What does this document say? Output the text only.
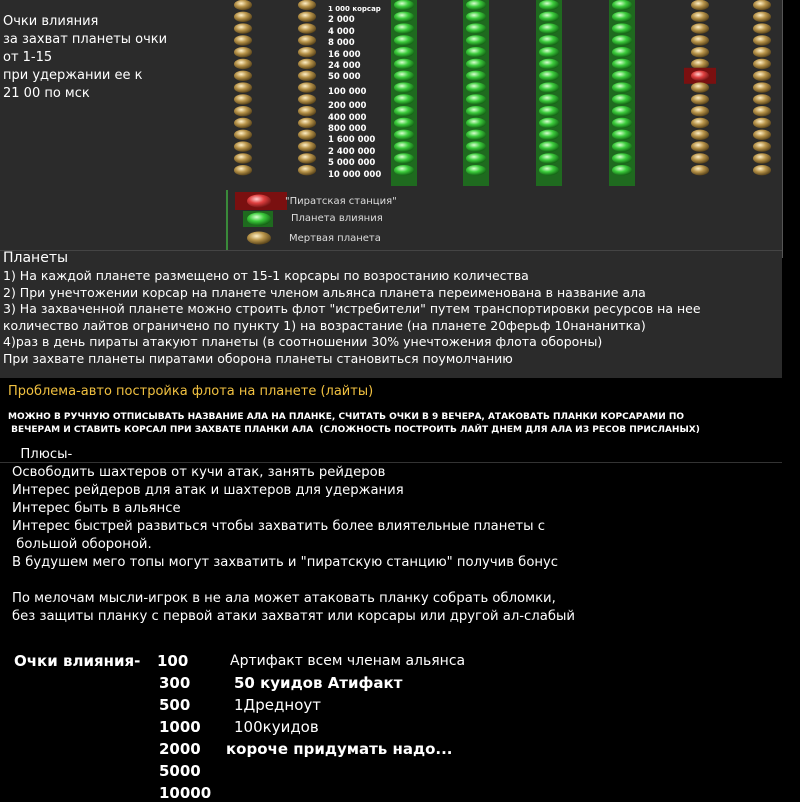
Очки влияния
за захват планеты очки
от 1-15
при удержании ее к
21 00 по мск
1 000 корсар
2 000
4 000
8 000
16 000
24 000
50 000
100 000
200 000
400 000
800 000
1 600 000
2 400 000
5 000 000
10 000 000
"Пиратская станция"
Планета влияния
Мертвая планета
Планеты
1) На каждой планете размещено от 15-1 корсары по возростанию количества
2) При унечтожении корсар на планете членом альянса планета переименована в название ала
3) На захваченной планете можно строить флот "истребители" путем транспортировки ресурсов на нее
количество лайтов ограничено по пункту 1) на возрастание (на планете 20ферьф 10нананитка)
4)раз в день пираты атакуют планеты (в соотношении 30% унечтожения флота обороны)
При захвате планеты пиратами оборона планеты становиться поумолчанию
Проблема-авто постройка флота на планете (лайты)
МОЖНО В РУЧНУЮ ОТПИСЫВАТЬ НАЗВАНИЕ АЛА НА ПЛАНКЕ, СЧИТАТЬ ОЧКИ В 9 ВЕЧЕРА, АТАКОВАТЬ ПЛАНКИ КОРСАРАМИ ПО
ВЕЧЕРАМ И СТАВИТЬ КОРСАЛ ПРИ ЗАХВАТЕ ПЛАНКИ АЛА  (СЛОЖНОСТЬ ПОСТРОИТЬ ЛАЙТ ДНЕМ ДЛЯ АЛА ИЗ РЕСОВ ПРИСЛАНЫХ)
Плюсы-
Освободить шахтеров от кучи атак, занять рейдеров
Интерес рейдеров для атак и шахтеров для удержания
Интерес быть в альянсе
Интерес быстрей развиться чтобы захватить более влиятельные планеты с
большой обороной.
В будушем мего топы могут захватить и "пиратскую станцию" получив бонус
По мелочам мысли-игрок в не ала может атаковать планку собрать обломки,
без защиты планку с первой атаки захватят или корсары или другой ал-слабый
Очки влияния- 100	Артифакт всем членам альянса
300	50 куидов Атифакт
500	1Дредноут
1000 100куидов
2000 короче придумать надо...
5000
10000
